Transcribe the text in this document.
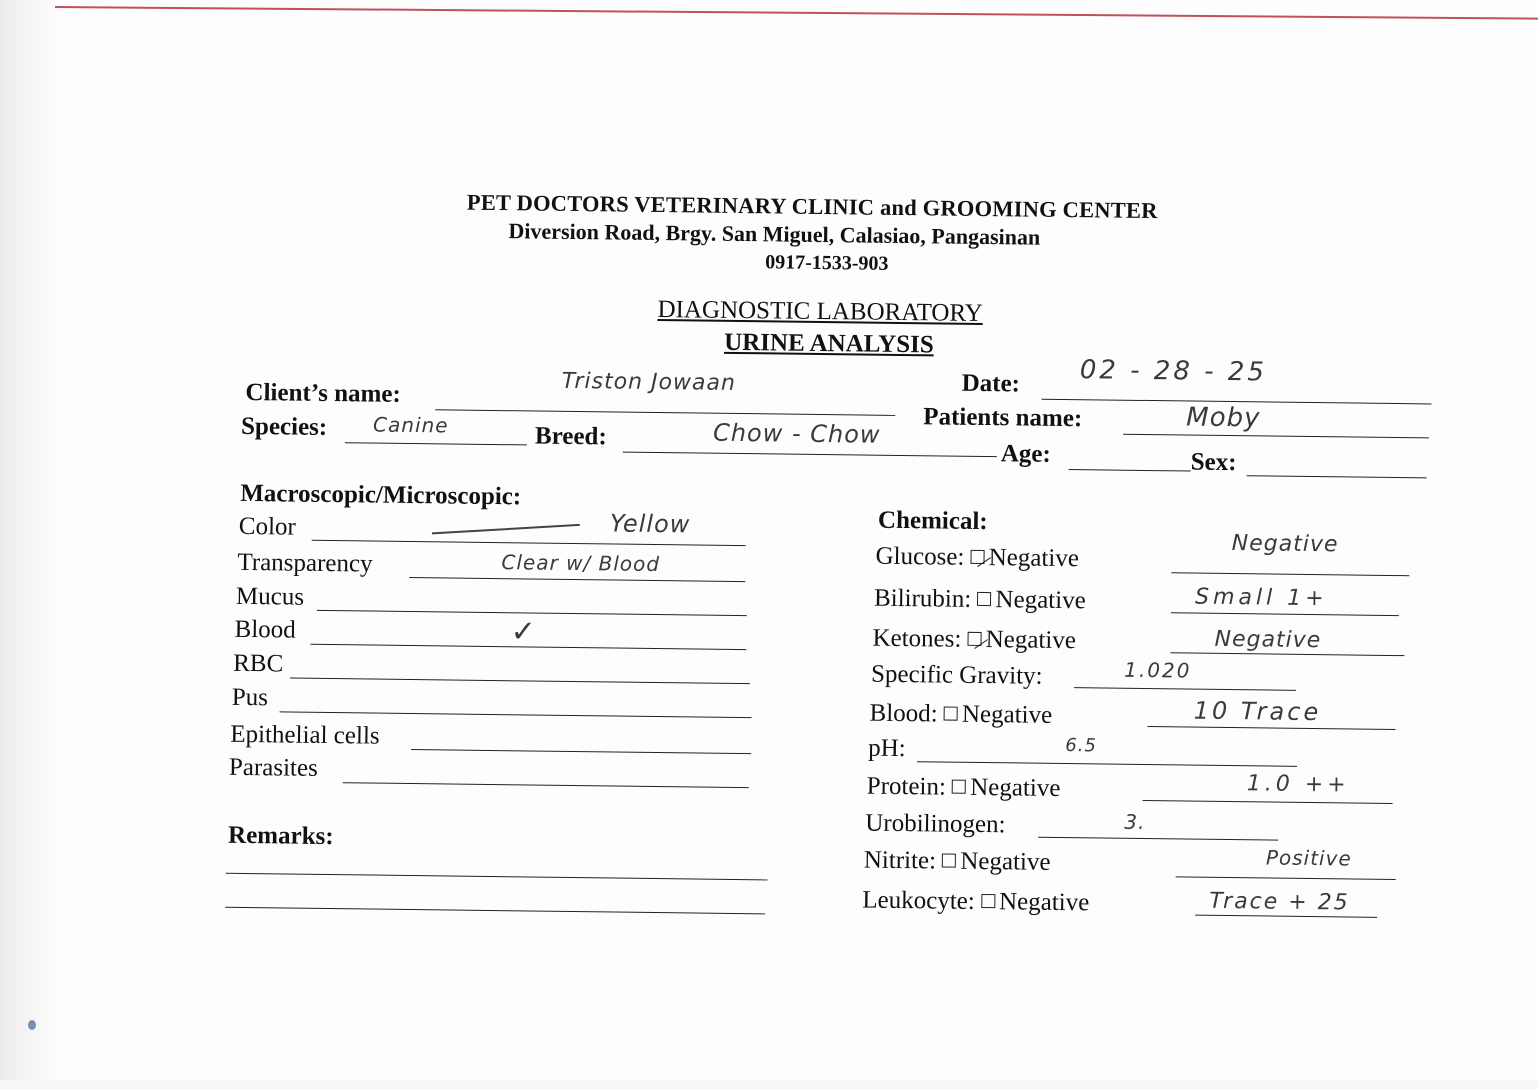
PET DOCTORS VETERINARY CLINIC and GROOMING CENTER
Diversion Road, Brgy. San Miguel, Calasiao, Pangasinan
0917-1533-903
DIAGNOSTIC LABORATORY
URINE ANALYSIS
Client’s name:	Triston Jowaan	Date: 02 - 28 - 25
Patients name:	Moby
Species: Canine	Breed:	Chow - Chow
Age:	Sex:
Macroscopic/Microscopic:
Color	Yellow
Transparency	Clear w/ Blood
Mucus
Blood	✓
RBC
Pus
Epithelial cells
Parasites
Remarks:
Chemical:
Glucose: Negative	Negative
Bilirubin: Negative	Small 1+
Ketones: Negative	Negative
Specific Gravity:	1.020
Blood: Negative	10 Trace
pH:	6.5
Protein: Negative	1.0 ++
Urobilinogen:	3.
Nitrite: Negative	Positive
Leukocyte: Negative	Trace + 25
